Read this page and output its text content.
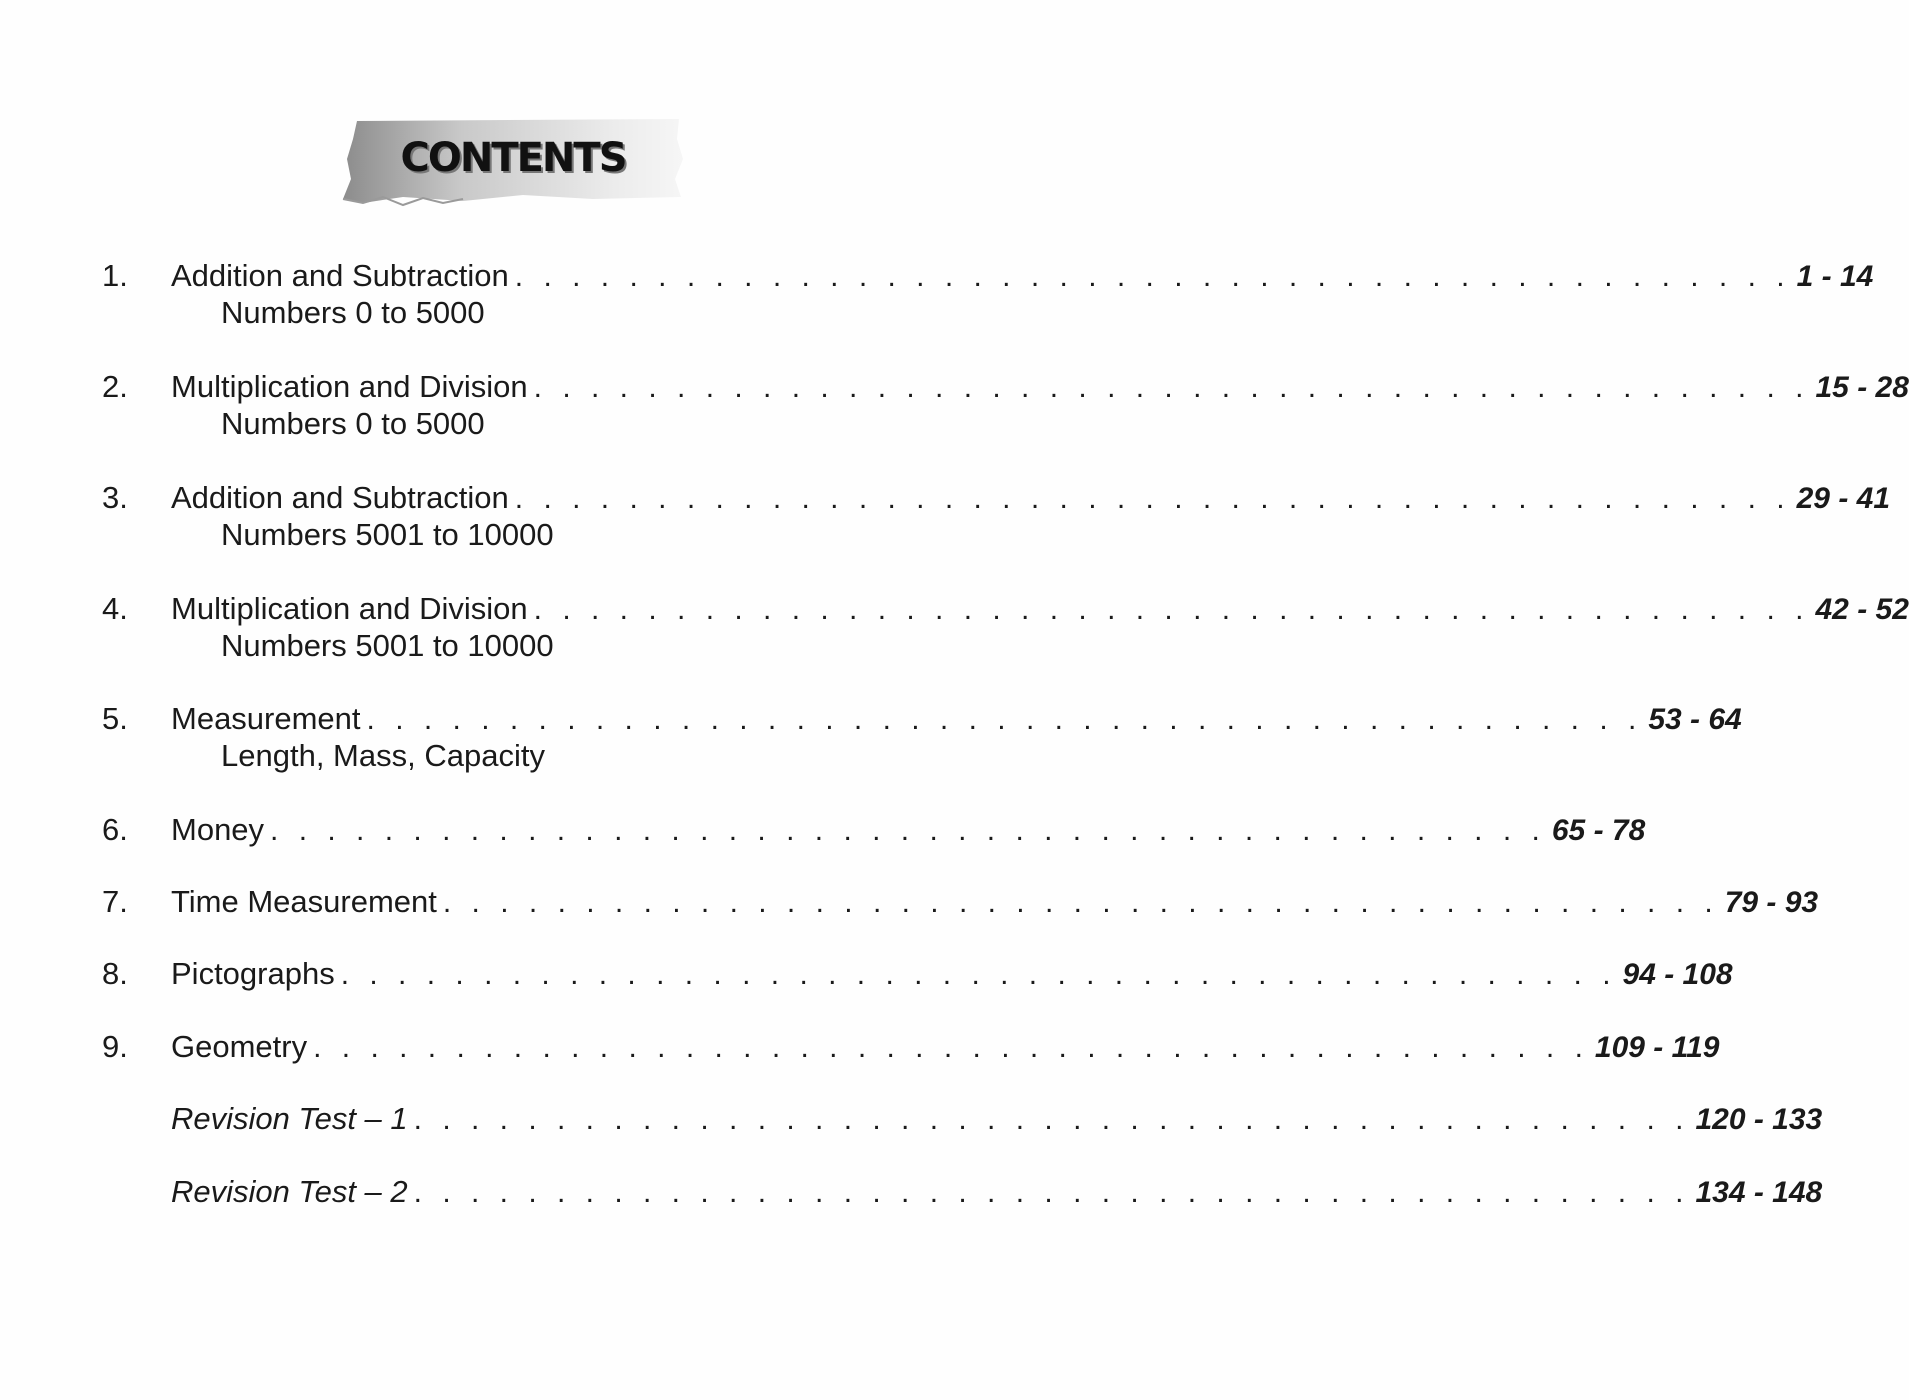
CONTENTS
1. Addition and Subtraction . . . . . . . . . . . . . . . . . . . . . . . . . . . . . . . . . . . . . . . . . . . . . 1 - 14
Numbers 0 to 5000
2. Multiplication and Division . . . . . . . . . . . . . . . . . . . . . . . . . . . . . . . . . . . . . . . . . . . . . 15 - 28
Numbers 0 to 5000
3. Addition and Subtraction . . . . . . . . . . . . . . . . . . . . . . . . . . . . . . . . . . . . . . . . . . . . . 29 - 41
Numbers 5001 to 10000
4. Multiplication and Division . . . . . . . . . . . . . . . . . . . . . . . . . . . . . . . . . . . . . . . . . . . . . 42 - 52
Numbers 5001 to 10000
5. Measurement . . . . . . . . . . . . . . . . . . . . . . . . . . . . . . . . . . . . . . . . . . . . . 53 - 64
Length, Mass, Capacity
6. Money . . . . . . . . . . . . . . . . . . . . . . . . . . . . . . . . . . . . . . . . . . . . . 65 - 78
7. Time Measurement . . . . . . . . . . . . . . . . . . . . . . . . . . . . . . . . . . . . . . . . . . . . . 79 - 93
8. Pictographs . . . . . . . . . . . . . . . . . . . . . . . . . . . . . . . . . . . . . . . . . . . . . 94 - 108
9. Geometry . . . . . . . . . . . . . . . . . . . . . . . . . . . . . . . . . . . . . . . . . . . . . 109 - 119
Revision Test – 1 . . . . . . . . . . . . . . . . . . . . . . . . . . . . . . . . . . . . . . . . . . . . . 120 - 133
Revision Test – 2 . . . . . . . . . . . . . . . . . . . . . . . . . . . . . . . . . . . . . . . . . . . . . 134 - 148
